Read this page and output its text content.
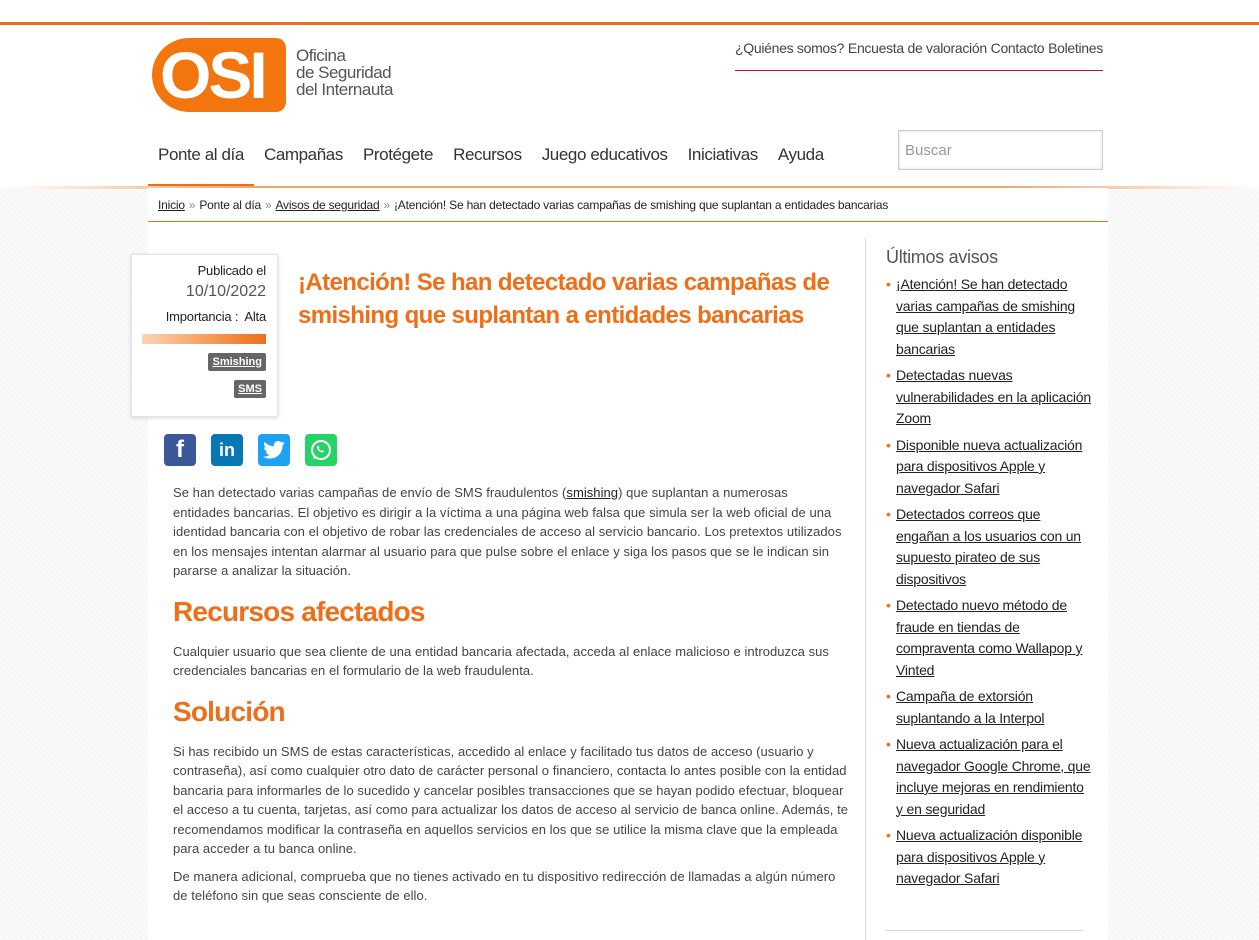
OSI Oficina
de Seguridad
del Internauta
¿Quiénes somos? Encuesta de valoración Contacto Boletines
Ponte al día	Campañas	Protégete	Recursos	Juego educativos	Iniciativas	Ayuda
Buscar
Inicio » Ponte al día » Avisos de seguridad » ¡Atención! Se han detectado varias campañas de smishing que suplantan a entidades bancarias
Publicado el
10/10/2022
Importancia : Alta
Smishing
SMS
¡Atención! Se han detectado varias campañas de smishing que suplantan a entidades bancarias
f	in

Se han detectado varias campañas de envío de SMS fraudulentos (smishing) que suplantan a numerosas entidades bancarias. El objetivo es dirigir a la víctima a una página web falsa que simula ser la web oficial de una identidad bancaria con el objetivo de robar las credenciales de acceso al servicio bancario. Los pretextos utilizados en los mensajes intentan alarmar al usuario para que pulse sobre el enlace y siga los pasos que se le indican sin pararse a analizar la situación.

Recursos afectados

Cualquier usuario que sea cliente de una entidad bancaria afectada, acceda al enlace malicioso e introduzca sus credenciales bancarias en el formulario de la web fraudulenta.

Solución

Si has recibido un SMS de estas características, accedido al enlace y facilitado tus datos de acceso (usuario y contraseña), así como cualquier otro dato de carácter personal o financiero, contacta lo antes posible con la entidad bancaria para informarles de lo sucedido y cancelar posibles transacciones que se hayan podido efectuar, bloquear el acceso a tu cuenta, tarjetas, así como para actualizar los datos de acceso al servicio de banca online. Además, te recomendamos modificar la contraseña en aquellos servicios en los que se utilice la misma clave que la empleada para acceder a tu banca online.

De manera adicional, comprueba que no tienes activado en tu dispositivo redirección de llamadas a algún número de teléfono sin que seas consciente de ello.

Últimos avisos
• ¡Atención! Se han detectado varias campañas de smishing que suplantan a entidades bancarias
• Detectadas nuevas vulnerabilidades en la aplicación Zoom
• Disponible nueva actualización para dispositivos Apple y navegador Safari
• Detectados correos que engañan a los usuarios con un supuesto pirateo de sus dispositivos
• Detectado nuevo método de fraude en tiendas de compraventa como Wallapop y Vinted
• Campaña de extorsión suplantando a la Interpol
• Nueva actualización para el navegador Google Chrome, que incluye mejoras en rendimiento y en seguridad
• Nueva actualización disponible para dispositivos Apple y navegador Safari
